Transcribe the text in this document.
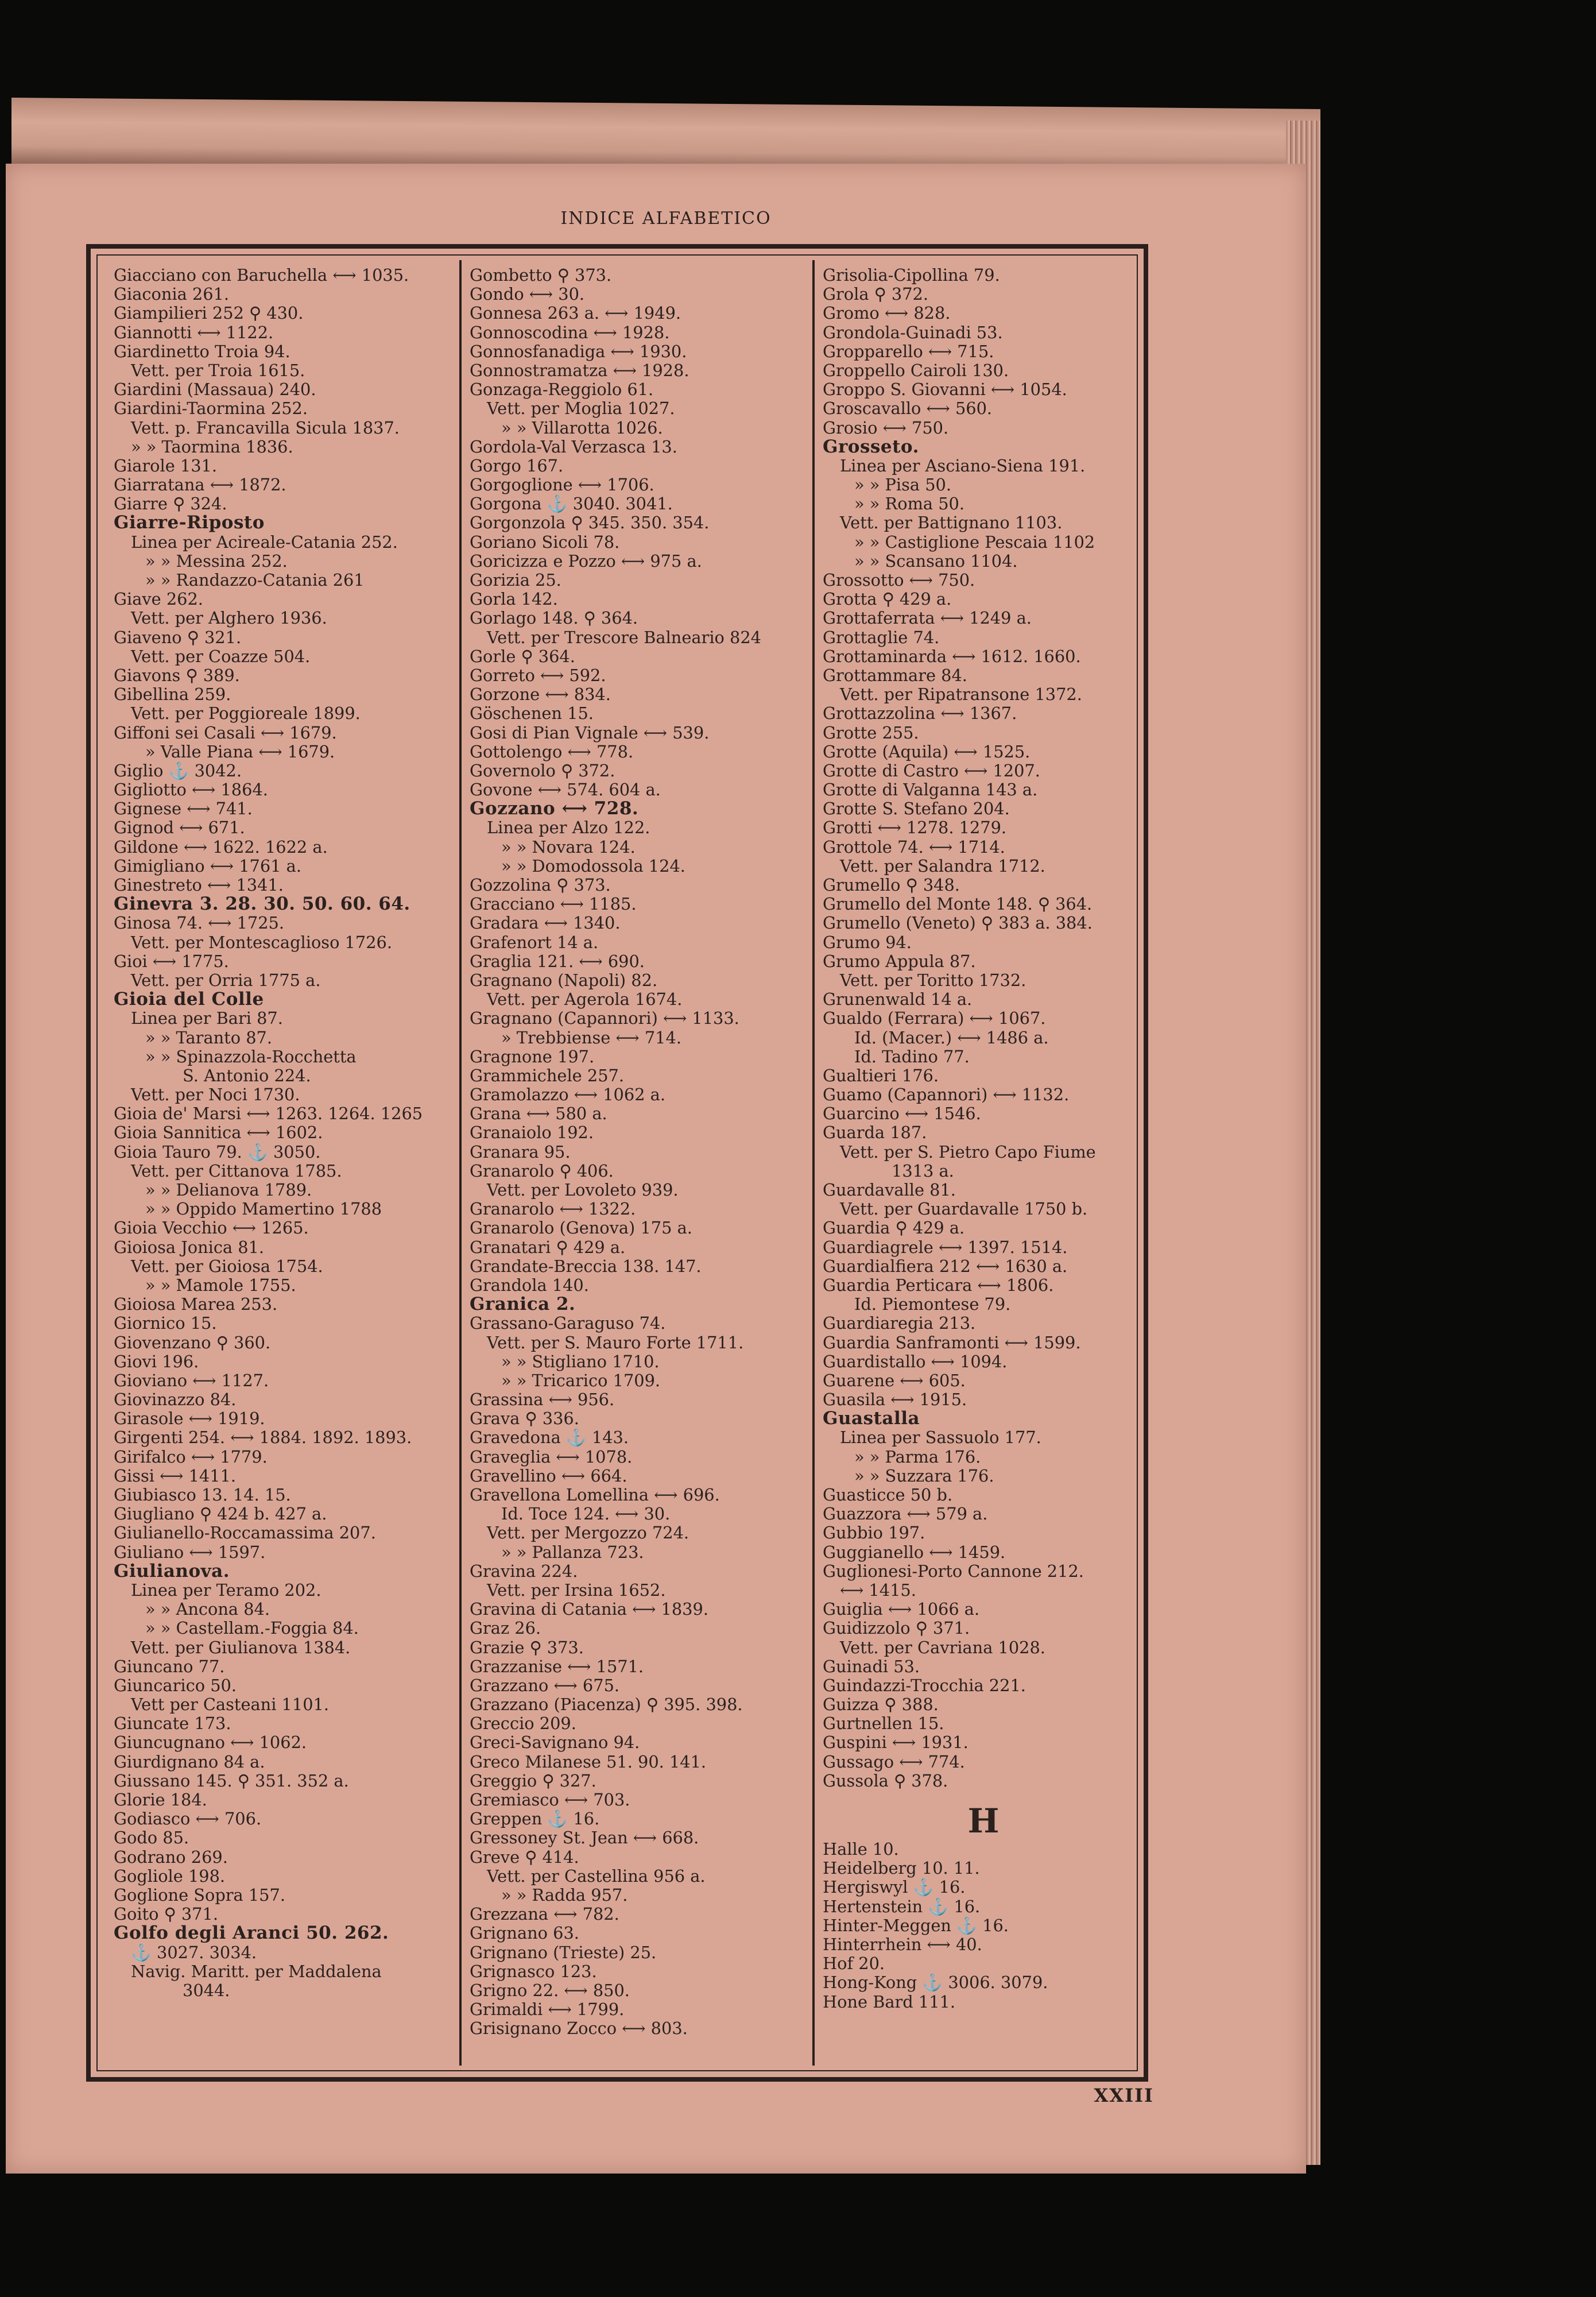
INDICE ALFABETICO
Giacciano con Baruchella ⟷ 1035.
Giaconia 261.
Giampilieri 252 ⚲ 430.
Giannotti ⟷ 1122.
Giardinetto Troia 94.
Vett. per Troia 1615.
Giardini (Massaua) 240.
Giardini-Taormina 252.
Vett. p. Francavilla Sicula 1837.
» » Taormina 1836.
Giarole 131.
Giarratana ⟷ 1872.
Giarre ⚲ 324.
Giarre-Riposto
Linea per Acireale-Catania 252.
» » Messina 252.
» » Randazzo-Catania 261
Giave 262.
Vett. per Alghero 1936.
Giaveno ⚲ 321.
Vett. per Coazze 504.
Giavons ⚲ 389.
Gibellina 259.
Vett. per Poggioreale 1899.
Giffoni sei Casali ⟷ 1679.
» Valle Piana ⟷ 1679.
Giglio ⚓ 3042.
Gigliotto ⟷ 1864.
Gignese ⟷ 741.
Gignod ⟷ 671.
Gildone ⟷ 1622. 1622 a.
Gimigliano ⟷ 1761 a.
Ginestreto ⟷ 1341.
Ginevra 3. 28. 30. 50. 60. 64.
Ginosa 74. ⟷ 1725.
Vett. per Montescaglioso 1726.
Gioi ⟷ 1775.
Vett. per Orria 1775 a.
Gioia del Colle
Linea per Bari 87.
» » Taranto 87.
» » Spinazzola-Rocchetta
S. Antonio 224.
Vett. per Noci 1730.
Gioia de' Marsi ⟷ 1263. 1264. 1265
Gioia Sannitica ⟷ 1602.
Gioia Tauro 79. ⚓ 3050.
Vett. per Cittanova 1785.
» » Delianova 1789.
» » Oppido Mamertino 1788
Gioia Vecchio ⟷ 1265.
Gioiosa Jonica 81.
Vett. per Gioiosa 1754.
» » Mamole 1755.
Gioiosa Marea 253.
Giornico 15.
Giovenzano ⚲ 360.
Giovi 196.
Gioviano ⟷ 1127.
Giovinazzo 84.
Girasole ⟷ 1919.
Girgenti 254. ⟷ 1884. 1892. 1893.
Girifalco ⟷ 1779.
Gissi ⟷ 1411.
Giubiasco 13. 14. 15.
Giugliano ⚲ 424 b. 427 a.
Giulianello-Roccamassima 207.
Giuliano ⟷ 1597.
Giulianova.
Linea per Teramo 202.
» » Ancona 84.
» » Castellam.-Foggia 84.
Vett. per Giulianova 1384.
Giuncano 77.
Giuncarico 50.
Vett per Casteani 1101.
Giuncate 173.
Giuncugnano ⟷ 1062.
Giurdignano 84 a.
Giussano 145. ⚲ 351. 352 a.
Glorie 184.
Godiasco ⟷ 706.
Godo 85.
Godrano 269.
Gogliole 198.
Goglione Sopra 157.
Goito ⚲ 371.
Golfo degli Aranci 50. 262.
⚓ 3027. 3034.
Navig. Maritt. per Maddalena
3044.
Gombetto ⚲ 373.
Gondo ⟷ 30.
Gonnesa 263 a. ⟷ 1949.
Gonnoscodina ⟷ 1928.
Gonnosfanadiga ⟷ 1930.
Gonnostramatza ⟷ 1928.
Gonzaga-Reggiolo 61.
Vett. per Moglia 1027.
» » Villarotta 1026.
Gordola-Val Verzasca 13.
Gorgo 167.
Gorgoglione ⟷ 1706.
Gorgona ⚓ 3040. 3041.
Gorgonzola ⚲ 345. 350. 354.
Goriano Sicoli 78.
Goricizza e Pozzo ⟷ 975 a.
Gorizia 25.
Gorla 142.
Gorlago 148. ⚲ 364.
Vett. per Trescore Balneario 824
Gorle ⚲ 364.
Gorreto ⟷ 592.
Gorzone ⟷ 834.
Göschenen 15.
Gosi di Pian Vignale ⟷ 539.
Gottolengo ⟷ 778.
Governolo ⚲ 372.
Govone ⟷ 574. 604 a.
Gozzano ⟷ 728.
Linea per Alzo 122.
» » Novara 124.
» » Domodossola 124.
Gozzolina ⚲ 373.
Gracciano ⟷ 1185.
Gradara ⟷ 1340.
Grafenort 14 a.
Graglia 121. ⟷ 690.
Gragnano (Napoli) 82.
Vett. per Agerola 1674.
Gragnano (Capannori) ⟷ 1133.
» Trebbiense ⟷ 714.
Gragnone 197.
Grammichele 257.
Gramolazzo ⟷ 1062 a.
Grana ⟷ 580 a.
Granaiolo 192.
Granara 95.
Granarolo ⚲ 406.
Vett. per Lovoleto 939.
Granarolo ⟷ 1322.
Granarolo (Genova) 175 a.
Granatari ⚲ 429 a.
Grandate-Breccia 138. 147.
Grandola 140.
Granica 2.
Grassano-Garaguso 74.
Vett. per S. Mauro Forte 1711.
» » Stigliano 1710.
» » Tricarico 1709.
Grassina ⟷ 956.
Grava ⚲ 336.
Gravedona ⚓ 143.
Graveglia ⟷ 1078.
Gravellino ⟷ 664.
Gravellona Lomellina ⟷ 696.
Id. Toce 124. ⟷ 30.
Vett. per Mergozzo 724.
» » Pallanza 723.
Gravina 224.
Vett. per Irsina 1652.
Gravina di Catania ⟷ 1839.
Graz 26.
Grazie ⚲ 373.
Grazzanise ⟷ 1571.
Grazzano ⟷ 675.
Grazzano (Piacenza) ⚲ 395. 398.
Greccio 209.
Greci-Savignano 94.
Greco Milanese 51. 90. 141.
Greggio ⚲ 327.
Gremiasco ⟷ 703.
Greppen ⚓ 16.
Gressoney St. Jean ⟷ 668.
Greve ⚲ 414.
Vett. per Castellina 956 a.
» » Radda 957.
Grezzana ⟷ 782.
Grignano 63.
Grignano (Trieste) 25.
Grignasco 123.
Grigno 22. ⟷ 850.
Grimaldi ⟷ 1799.
Grisignano Zocco ⟷ 803.
Grisolia-Cipollina 79.
Grola ⚲ 372.
Gromo ⟷ 828.
Grondola-Guinadi 53.
Gropparello ⟷ 715.
Groppello Cairoli 130.
Groppo S. Giovanni ⟷ 1054.
Groscavallo ⟷ 560.
Grosio ⟷ 750.
Grosseto.
Linea per Asciano-Siena 191.
» » Pisa 50.
» » Roma 50.
Vett. per Battignano 1103.
» » Castiglione Pescaia 1102
» » Scansano 1104.
Grossotto ⟷ 750.
Grotta ⚲ 429 a.
Grottaferrata ⟷ 1249 a.
Grottaglie 74.
Grottaminarda ⟷ 1612. 1660.
Grottammare 84.
Vett. per Ripatransone 1372.
Grottazzolina ⟷ 1367.
Grotte 255.
Grotte (Aquila) ⟷ 1525.
Grotte di Castro ⟷ 1207.
Grotte di Valganna 143 a.
Grotte S. Stefano 204.
Grotti ⟷ 1278. 1279.
Grottole 74. ⟷ 1714.
Vett. per Salandra 1712.
Grumello ⚲ 348.
Grumello del Monte 148. ⚲ 364.
Grumello (Veneto) ⚲ 383 a. 384.
Grumo 94.
Grumo Appula 87.
Vett. per Toritto 1732.
Grunenwald 14 a.
Gualdo (Ferrara) ⟷ 1067.
Id. (Macer.) ⟷ 1486 a.
Id. Tadino 77.
Gualtieri 176.
Guamo (Capannori) ⟷ 1132.
Guarcino ⟷ 1546.
Guarda 187.
Vett. per S. Pietro Capo Fiume
1313 a.
Guardavalle 81.
Vett. per Guardavalle 1750 b.
Guardia ⚲ 429 a.
Guardiagrele ⟷ 1397. 1514.
Guardialfiera 212 ⟷ 1630 a.
Guardia Perticara ⟷ 1806.
Id. Piemontese 79.
Guardiaregia 213.
Guardia Sanframonti ⟷ 1599.
Guardistallo ⟷ 1094.
Guarene ⟷ 605.
Guasila ⟷ 1915.
Guastalla
Linea per Sassuolo 177.
» » Parma 176.
» » Suzzara 176.
Guasticce 50 b.
Guazzora ⟷ 579 a.
Gubbio 197.
Guggianello ⟷ 1459.
Guglionesi-Porto Cannone 212.
⟷ 1415.
Guiglia ⟷ 1066 a.
Guidizzolo ⚲ 371.
Vett. per Cavriana 1028.
Guinadi 53.
Guindazzi-Trocchia 221.
Guizza ⚲ 388.
Gurtnellen 15.
Guspini ⟷ 1931.
Gussago ⟷ 774.
Gussola ⚲ 378.
H
Halle 10.
Heidelberg 10. 11.
Hergiswyl ⚓ 16.
Hertenstein ⚓ 16.
Hinter-Meggen ⚓ 16.
Hinterrhein ⟷ 40.
Hof 20.
Hong-Kong ⚓ 3006. 3079.
Hone Bard 111.
XXIII
